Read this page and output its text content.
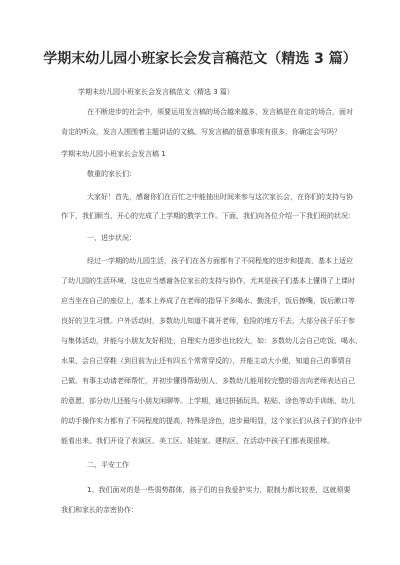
学期末幼儿园小班家长会发言稿范文（精选 3 篇）
学期末幼儿园小班家长会发言稿范文（精选 3 篇）
在不断进步的社会中，须要运用发言稿的场合越来越多，发言稿是在肯定的场合，面对
肯定的听众，发言人围围着主题讲话的文稿。写发言稿的留意事项有很多，你确定会写吗？
学期末幼儿园小班家长会发言稿 1
敬重的家长们：
大家好！首先，感谢你们在百忙之中能抽出时间来参与这次家长会，在你们的支持与协
作下，我们顺当、开心的完成了上学期的教学工作。下面，我们向各位介绍一下我们班的状况：
一、进步状况：
经过一学期的幼儿园生活，孩子们在各方面都有了不同程度的进步和提高，基本上适应
了幼儿园的生活环境，这也应当感谢各位家长的支持与协作，尤其是孩子们基本上懂得了上课时
应当坐在自己的座位上，基本上养成了在老师的指导下多喝水、勤洗手，饭后擦嘴，饭后漱口等
良好的卫生习惯。户外活动时，多数幼儿知道不离开老师，危险的地方不去，大部分孩子乐于参
与集体活动，并能与小朋友友好相处，自理实力进步也比较大，如：多数幼儿会自己吃饭、喝水、
水果，会自己穿鞋（到目前为止还有四五个常常穿反的），并能主动大小便，知道自己的事情自
己做。有事主动请老师帮忙，并初步懂得帮助别人，多数幼儿能用较完整的语言向老师表达自己
的意愿，部分幼儿还能与小朋友闲聊等。上学期，通过拼插玩具、粘贴、涂色等动手训练，幼儿
的动手操作实力都有了不同程度的提高，特殊是涂色，进步最明显，这个家长们从孩子们的作业中
能看出来。我们开设了表演区、美工区、娃娃家、建构区，在活动中孩子们都表现很棒。
二、平安工作
1、我们面对的是一些弱势群体，孩子们的自我爱护实力，限制力都比较差，这就须要
我们和家长的亲密协作：
